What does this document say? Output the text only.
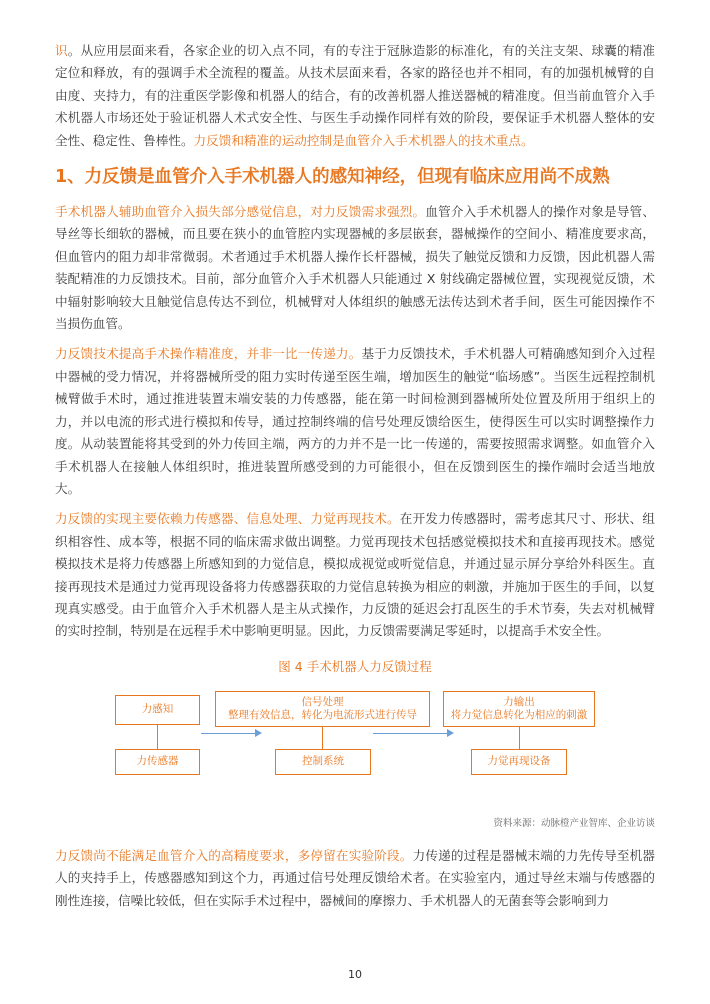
识。从应用层面来看，各家企业的切入点不同，有的专注于冠脉造影的标准化，有的关注支架、球囊的精准定位和释放，有的强调手术全流程的覆盖。从技术层面来看，各家的路径也并不相同，有的加强机械臂的自由度、夹持力，有的注重医学影像和机器人的结合，有的改善机器人推送器械的精准度。但当前血管介入手术机器人市场还处于验证机器人术式安全性、与医生手动操作同样有效的阶段，要保证手术机器人整体的安全性、稳定性、鲁棒性。力反馈和精准的运动控制是血管介入手术机器人的技术重点。

1、力反馈是血管介入手术机器人的感知神经，但现有临床应用尚不成熟

手术机器人辅助血管介入损失部分感觉信息，对力反馈需求强烈。血管介入手术机器人的操作对象是导管、导丝等长细软的器械，而且要在狭小的血管腔内实现器械的多层嵌套，器械操作的空间小、精准度要求高，但血管内的阻力却非常微弱。术者通过手术机器人操作长杆器械，损失了触觉反馈和力反馈，因此机器人需装配精准的力反馈技术。目前，部分血管介入手术机器人只能通过 X 射线确定器械位置，实现视觉反馈，术中辐射影响较大且触觉信息传达不到位，机械臂对人体组织的触感无法传达到术者手间，医生可能因操作不当损伤血管。

力反馈技术提高手术操作精准度，并非一比一传递力。基于力反馈技术，手术机器人可精确感知到介入过程中器械的受力情况，并将器械所受的阻力实时传递至医生端，增加医生的触觉“临场感”。当医生远程控制机械臂做手术时，通过推进装置末端安装的力传感器，能在第一时间检测到器械所处位置及所用于组织上的力，并以电流的形式进行模拟和传导，通过控制终端的信号处理反馈给医生，使得医生可以实时调整操作力度。从动装置能将其受到的外力传回主端，两方的力并不是一比一传递的，需要按照需求调整。如血管介入手术机器人在接触人体组织时，推进装置所感受到的力可能很小，但在反馈到医生的操作端时会适当地放大。

力反馈的实现主要依赖力传感器、信息处理、力觉再现技术。在开发力传感器时，需考虑其尺寸、形状、组织相容性、成本等，根据不同的临床需求做出调整。力觉再现技术包括感觉模拟技术和直接再现技术。感觉模拟技术是将力传感器上所感知到的力觉信息，模拟成视觉或听觉信息，并通过显示屏分享给外科医生。直接再现技术是通过力觉再现设备将力传感器获取的力觉信息转换为相应的刺激，并施加于医生的手间，以复现真实感受。由于血管介入手术机器人是主从式操作，力反馈的延迟会打乱医生的手术节奏，失去对机械臂的实时控制，特别是在远程手术中影响更明显。因此，力反馈需要满足零延时，以提高手术安全性。

图 4 手术机器人力反馈过程
力感知
信号处理
整理有效信息，转化为电流形式进行传导
力输出
将力觉信息转化为相应的刺激
力传感器	控制系统	力觉再现设备
资料来源：动脉橙产业智库、企业访谈

力反馈尚不能满足血管介入的高精度要求，多停留在实验阶段。力传递的过程是器械末端的力先传导至机器人的夹持手上，传感器感知到这个力，再通过信号处理反馈给术者。在实验室内，通过导丝末端与传感器的刚性连接，信噪比较低，但在实际手术过程中，器械间的摩擦力、手术机器人的无菌套等会影响到力

10
